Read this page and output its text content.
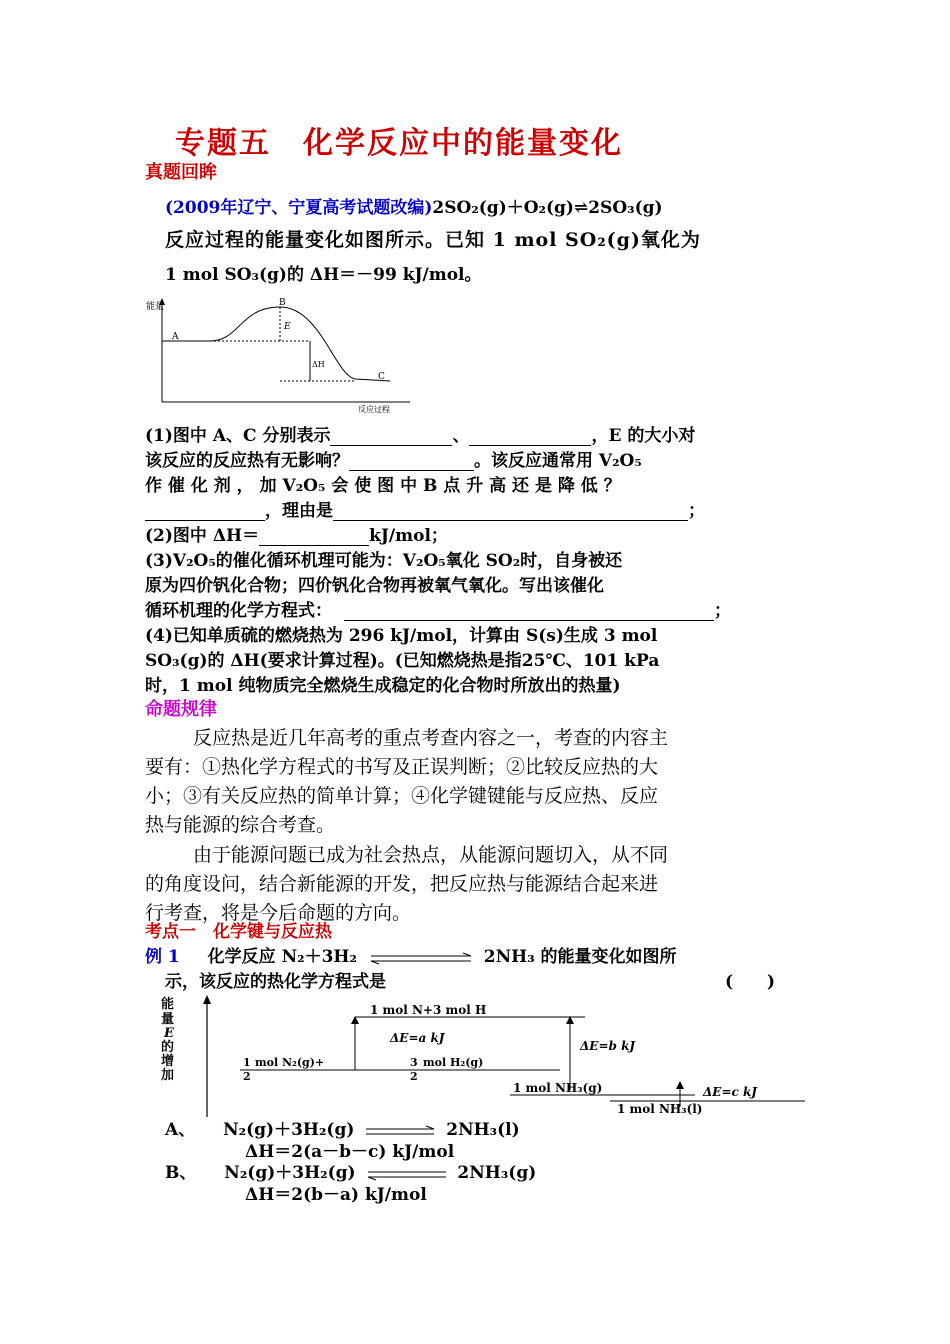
专题五　化学反应中的能量变化
真题回眸
(2009年辽宁、宁夏高考试题改编)2SO₂(g)＋O₂(g)⇌2SO₃(g)
反应过程的能量变化如图所示。已知 1 mol SO₂(g)氧化为
1 mol SO₃(g)的 ΔH＝－99 kJ/mol。
能量
A
B
E
ΔH
C
反应过程
(1)图中 A、C 分别表示	、	，E 的大小对
该反应的反应热有无影响？	。该反应通常用 V₂O₅
作 催 化 剂 ， 加 V₂O₅ 会 使 图 中 B 点 升 高 还 是 降 低 ？
，理由是	；
(2)图中 ΔH＝	kJ/mol；
(3)V₂O₅的催化循环机理可能为：V₂O₅氧化 SO₂时，自身被还
原为四价钒化合物；四价钒化合物再被氧气氧化。写出该催化
循环机理的化学方程式：	；
(4)已知单质硫的燃烧热为 296 kJ/mol，计算由 S(s)生成 3 mol
SO₃(g)的 ΔH(要求计算过程)。(已知燃烧热是指25℃、101 kPa
时，1 mol 纯物质完全燃烧生成稳定的化合物时所放出的热量)
命题规律
反应热是近几年高考的重点考查内容之一，考查的内容主
要有：①热化学方程式的书写及正误判断；②比较反应热的大
小；③有关反应热的简单计算；④化学键键能与反应热、反应
热与能源的综合考查。
由于能源问题已成为社会热点，从能源问题切入，从不同
的角度设问，结合新能源的开发，把反应热与能源结合起来进
行考查，将是今后命题的方向。
考点一　化学键与反应热
例 1 化学反应 N₂＋3H₂	2NH₃ 的能量变化如图所
示，该反应的热化学方程式是	(　　)
能
量
E
的
增
加
1 mol N+3 mol H
1
2
mol N₂(g)+	3
2
mol H₂(g)
ΔE=a kJ
ΔE=b kJ
1 mol NH₃(g)	ΔE=c kJ
1 mol NH₃(l)
A、 N₂(g)＋3H₂(g)	2NH₃(l)
ΔH＝2(a－b－c) kJ/mol
B、 N₂(g)＋3H₂(g)	2NH₃(g)
ΔH＝2(b－a) kJ/mol
